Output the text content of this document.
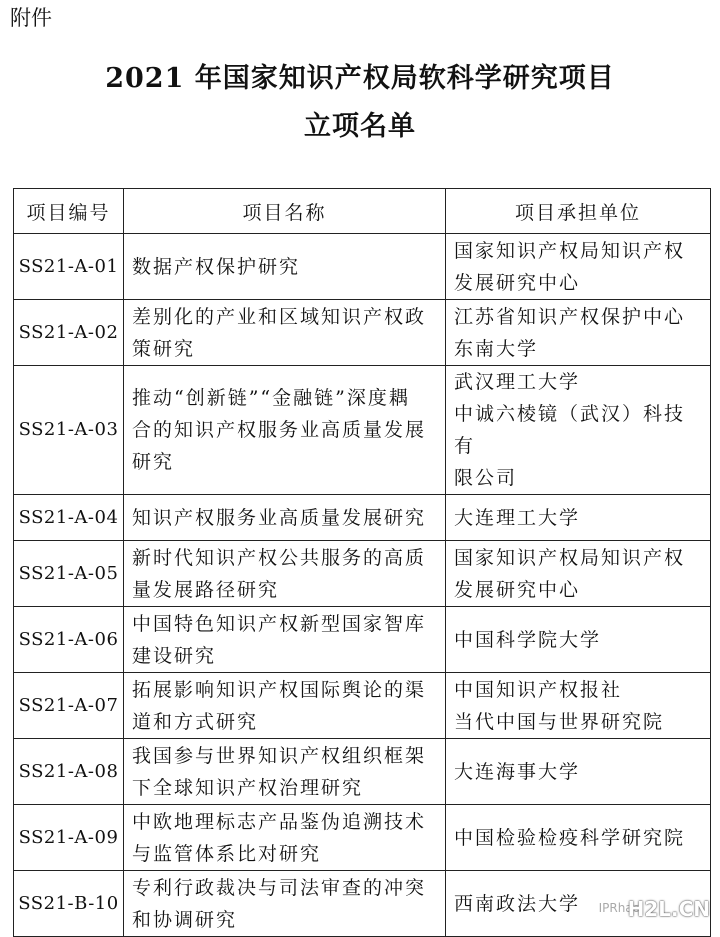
附件
2021 年国家知识产权局软科学研究项目
立项名单
项目编号	项目名称	项目承担单位
SS21-A-01	数据产权保护研究	国家知识产权局知识产权
发展研究中心

SS21-A-02	差别化的产业和区域知识产权政
策研究	江苏省知识产权保护中心
东南大学

SS21-A-03	推动“创新链”“金融链”深度耦
合的知识产权服务业高质量发展
研究	武汉理工大学
中诚六棱镜（武汉）科技有
限公司

SS21-A-04	知识产权服务业高质量发展研究	大连理工大学

SS21-A-05	新时代知识产权公共服务的高质
量发展路径研究	国家知识产权局知识产权
发展研究中心

SS21-A-06	中国特色知识产权新型国家智库
建设研究	中国科学院大学

SS21-A-07	拓展影响知识产权国际舆论的渠
道和方式研究	中国知识产权报社
当代中国与世界研究院

SS21-A-08	我国参与世界知识产权组织框架
下全球知识产权治理研究	大连海事大学

SS21-A-09	中欧地理标志产品鉴伪追溯技术
与监管体系比对研究	中国检验检疫科学研究院

SS21-B-10	专利行政裁决与司法审查的冲突
和协调研究	西南政法大学	IPRhao
H2L.CN
